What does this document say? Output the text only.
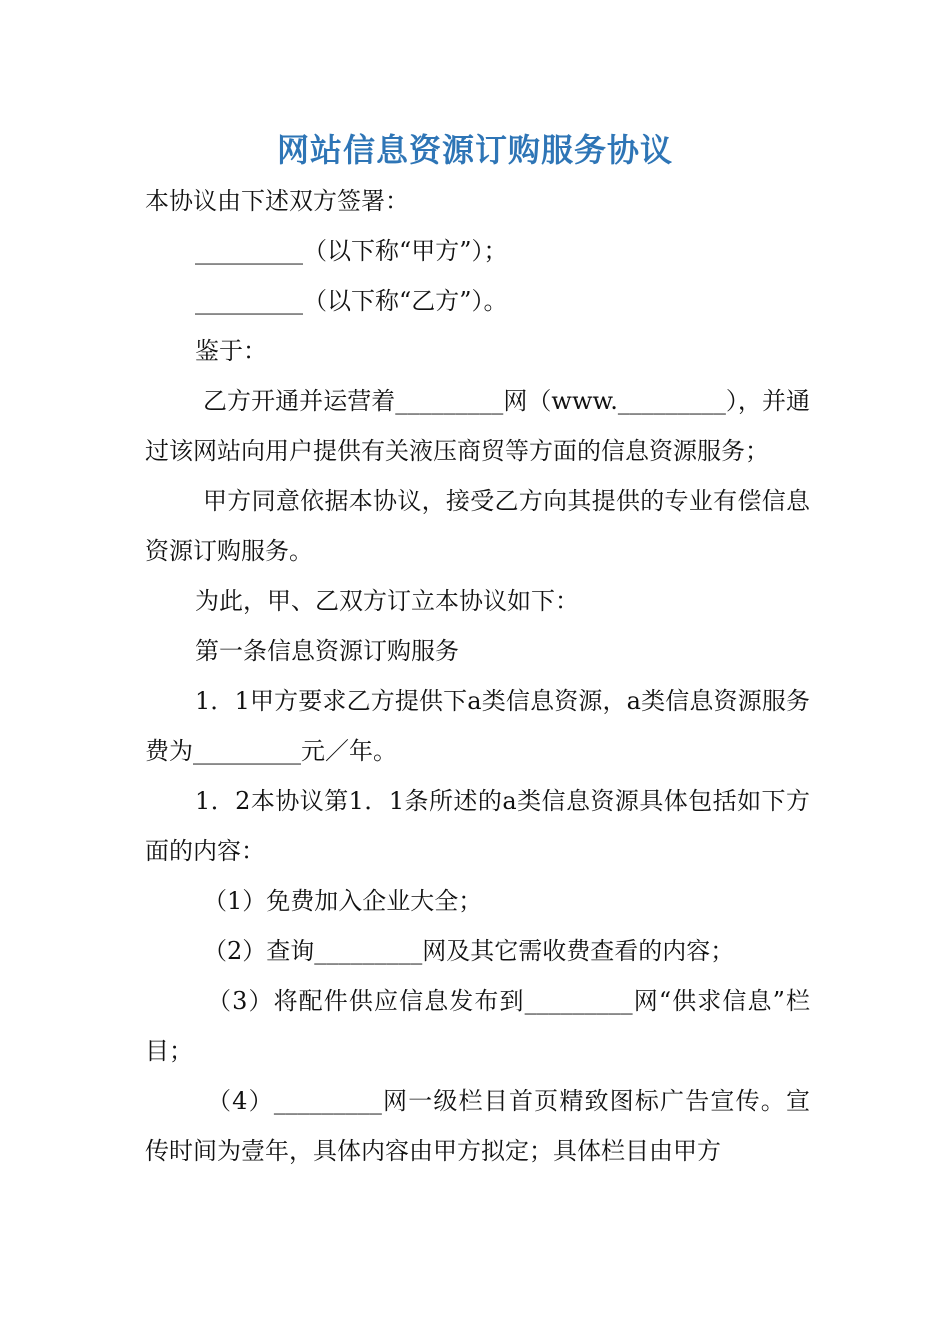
网站信息资源订购服务协议

本协议由下述双方签署：

_________（以下称“甲方”）；

_________（以下称“乙方”）。

鉴于：

乙方开通并运营着_________网（www._________），并通过该网站向用户提供有关液压商贸等方面的信息资源服务；

甲方同意依据本协议，接受乙方向其提供的专业有偿信息资源订购服务。

为此，甲、乙双方订立本协议如下：

第一条信息资源订购服务

1．1甲方要求乙方提供下a类信息资源，a类信息资源服务费为_________元／年。

1．2本协议第1．1条所述的a类信息资源具体包括如下方面的内容：

（1）免费加入企业大全；

（2）查询_________网及其它需收费查看的内容；

（3）将配件供应信息发布到_________网“供求信息”栏目；

（4）_________网一级栏目首页精致图标广告宣传。宣传时间为壹年，具体内容由甲方拟定；具体栏目由甲方
